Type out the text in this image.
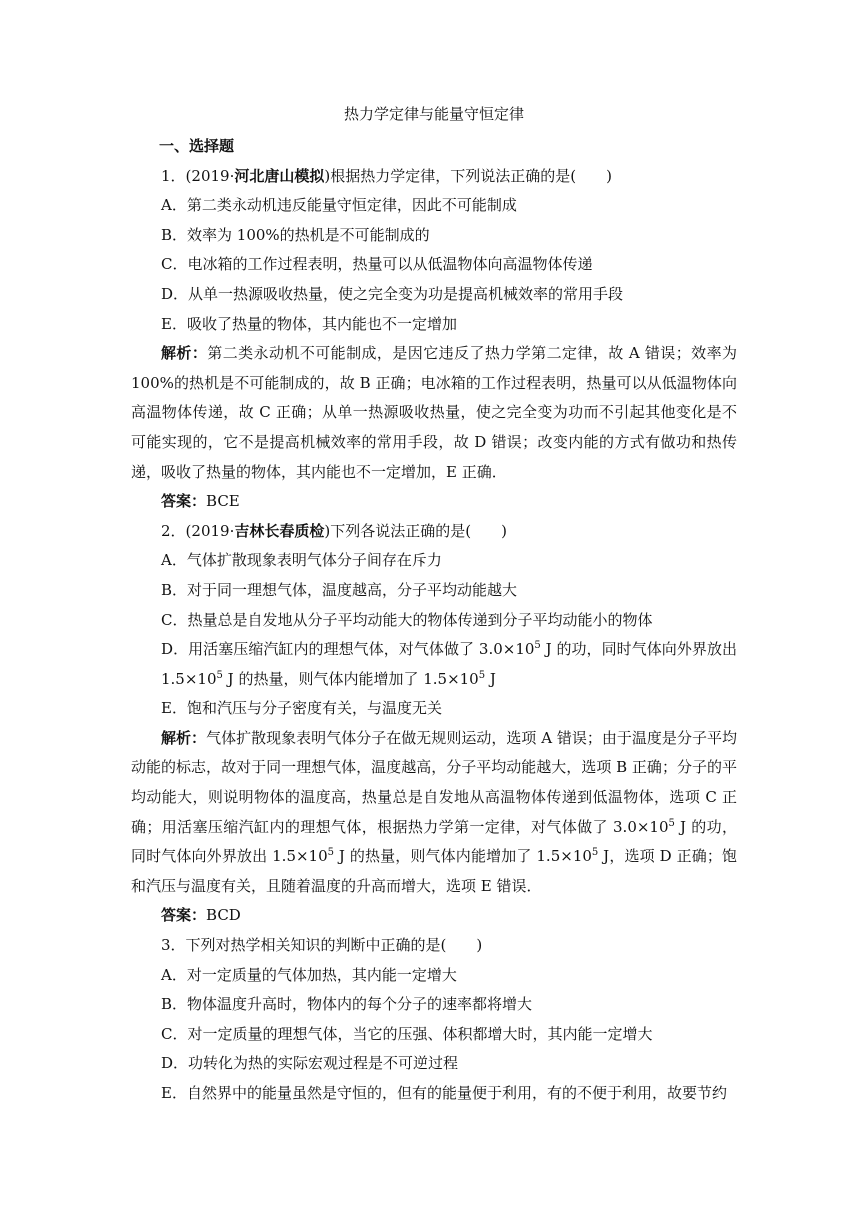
热力学定律与能量守恒定律
一、选择题
1．(2019·河北唐山模拟)根据热力学定律，下列说法正确的是(　　)
A．第二类永动机违反能量守恒定律，因此不可能制成
B．效率为 100%的热机是不可能制成的
C．电冰箱的工作过程表明，热量可以从低温物体向高温物体传递
D．从单一热源吸收热量，使之完全变为功是提高机械效率的常用手段
E．吸收了热量的物体，其内能也不一定增加
解析：第二类永动机不可能制成，是因它违反了热力学第二定律，故 A 错误；效率为 100%的热机是不可能制成的，故 B 正确；电冰箱的工作过程表明，热量可以从低温物体向高温物体传递，故 C 正确；从单一热源吸收热量，使之完全变为功而不引起其他变化是不可能实现的，它不是提高机械效率的常用手段，故 D 错误；改变内能的方式有做功和热传递，吸收了热量的物体，其内能也不一定增加，E 正确．
答案：BCE
2．(2019·吉林长春质检)下列各说法正确的是(　　)
A．气体扩散现象表明气体分子间存在斥力
B．对于同一理想气体，温度越高，分子平均动能越大
C．热量总是自发地从分子平均动能大的物体传递到分子平均动能小的物体
D．用活塞压缩汽缸内的理想气体，对气体做了 $3.0\times 10^5$ J 的功，同时气体向外界放出$1.5\times 10^5$ J 的热量，则气体内能增加了 $1.5\times 10^5$ J
E．饱和汽压与分子密度有关，与温度无关
解析：气体扩散现象表明气体分子在做无规则运动，选项 A 错误；由于温度是分子平均动能的标志，故对于同一理想气体，温度越高，分子平均动能越大，选项 B 正确；分子的平均动能大，则说明物体的温度高，热量总是自发地从高温物体传递到低温物体，选项 C 正确；用活塞压缩汽缸内的理想气体，根据热力学第一定律，对气体做了 $3.0\times 10^5$ J 的功，同时气体向外界放出 $1.5\times 10^5$ J 的热量，则气体内能增加了 $1.5\times 10^5$ J，选项 D 正确；饱和汽压与温度有关，且随着温度的升高而增大，选项 E 错误．
答案：BCD
3．下列对热学相关知识的判断中正确的是(　　)
A．对一定质量的气体加热，其内能一定增大
B．物体温度升高时，物体内的每个分子的速率都将增大
C．对一定质量的理想气体，当它的压强、体积都增大时，其内能一定增大
D．功转化为热的实际宏观过程是不可逆过程
E．自然界中的能量虽然是守恒的，但有的能量便于利用，有的不便于利用，故要节约
